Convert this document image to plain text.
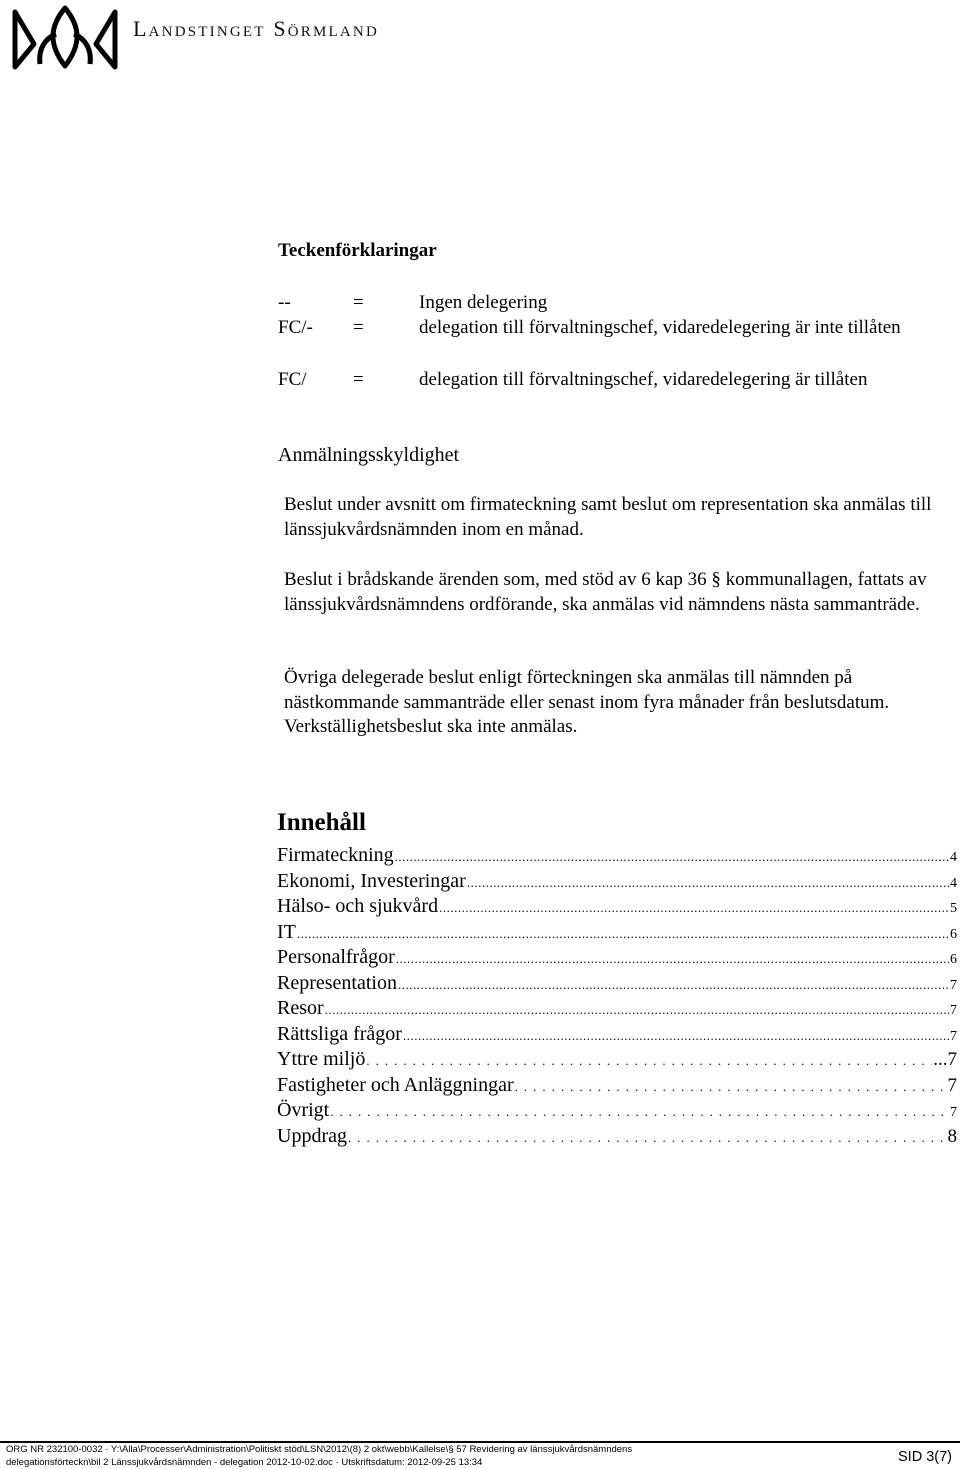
Landstinget Sörmland
Teckenförklaringar
--	=	Ingen delegering
FC/-	=	delegation till förvaltningschef, vidaredelegering är inte tillåten
FC/	=	delegation till förvaltningschef, vidaredelegering är tillåten
Anmälningsskyldighet

Beslut under avsnitt om firmateckning samt beslut om representation ska anmälas till länssjukvårdsnämnden inom en månad.

Beslut i brådskande ärenden som, med stöd av 6 kap 36 § kommunallagen, fattats av länssjukvårdsnämndens ordförande, ska anmälas vid nämndens nästa sammanträde.

Övriga delegerade beslut enligt förteckningen ska anmälas till nämnden på nästkommande sammanträde eller senast inom fyra månader från beslutsdatum. Verkställighetsbeslut ska inte anmälas.

Innehåll
Firmateckning .....	4
Ekonomi, Investeringar .....	4
Hälso- och sjukvård .....	5
IT .....	6
Personalfrågor .....	6
Representation .....	7
Resor .....	7
Rättsliga frågor .....	7
Yttre miljö .....	...7
Fastigheter och Anläggningar .....	7
Övrigt .....	7
Uppdrag .....	8
ORG NR 232100-0032 · Y:\Alla\Processer\Administration\Politiskt stöd\LSN\2012\(8) 2 okt\webb\Kallelse\§ 57 Revidering av länssjukvårdsnämndens
delegationsförteckn\bil 2 Länssjukvårdsnämnden - delegation 2012-10-02.doc · Utskriftsdatum: 2012-09-25 13:34	SID 3(7)
